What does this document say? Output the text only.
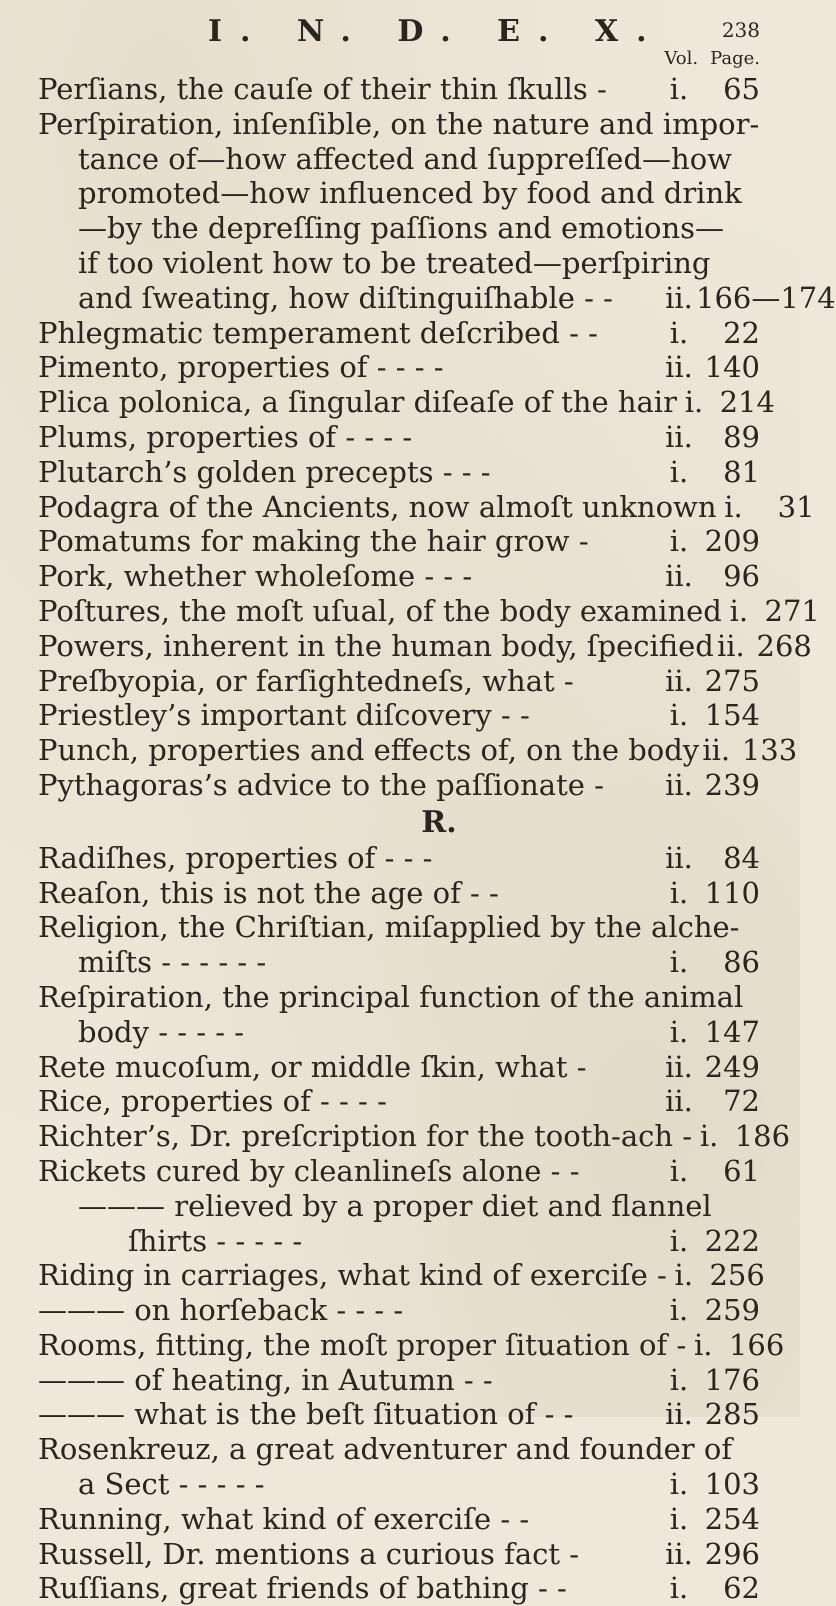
I. N. D. E. X.	238
Vol. Page.
Perſians, the cauſe of their thin ſkulls -	i.	65
Perſpiration, inſenſible, on the nature and impor-
tance of—how affected and ſuppreſſed—how
promoted—how influenced by food and drink
—by the depreſſing paſſions and emotions—
if too violent how to be treated—perſpiring
and ſweating, how diſtinguiſhable - -	ii. 166—174
Phlegmatic temperament deſcribed - -	i.	22
Pimento, properties of - - - -	ii. 140
Plica polonica, a ſingular diſeaſe of the hair i. 214
Plums, properties of - - - -	ii.	89
Plutarch’s golden precepts - - -	i.	81
Podagra of the Ancients, now almoſt unknown i.	31
Pomatums for making the hair grow -	i. 209
Pork, whether wholeſome - - -	ii.	96
Poſtures, the moſt uſual, of the body examined i. 271
Powers, inherent in the human body, ſpecified ii. 268
Preſbyopia, or farſightedneſs, what -	ii. 275
Priestley’s important diſcovery - -	i. 154
Punch, properties and effects of, on the body ii. 133
Pythagoras’s advice to the paſſionate -	ii. 239
R.
Radiſhes, properties of - - -	ii.	84
Reaſon, this is not the age of - -	i. 110
Religion, the Chriſtian, miſapplied by the alche-
miſts - - - - - -	i.	86
Reſpiration, the principal function of the animal
body - - - - -	i. 147
Rete mucoſum, or middle ſkin, what -	ii. 249
Rice, properties of - - - -	ii.	72
Richter’s, Dr. preſcription for the tooth-ach - i. 186
Rickets cured by cleanlineſs alone - -	i.	61
——— relieved by a proper diet and flannel
ſhirts - - - - -	i. 222
Riding in carriages, what kind of exerciſe - i. 256
——— on horſeback - - - -	i. 259
Rooms, fitting, the moſt proper ſituation of - i. 166
——— of heating, in Autumn - -	i. 176
——— what is the beſt ſituation of - -	ii. 285
Rosenkreuz, a great adventurer and founder of
a Sect - - - - -	i. 103
Running, what kind of exerciſe - -	i. 254
Russell, Dr. mentions a curious fact -	ii. 296
Ruſſians, great friends of bathing - -	i.	62
